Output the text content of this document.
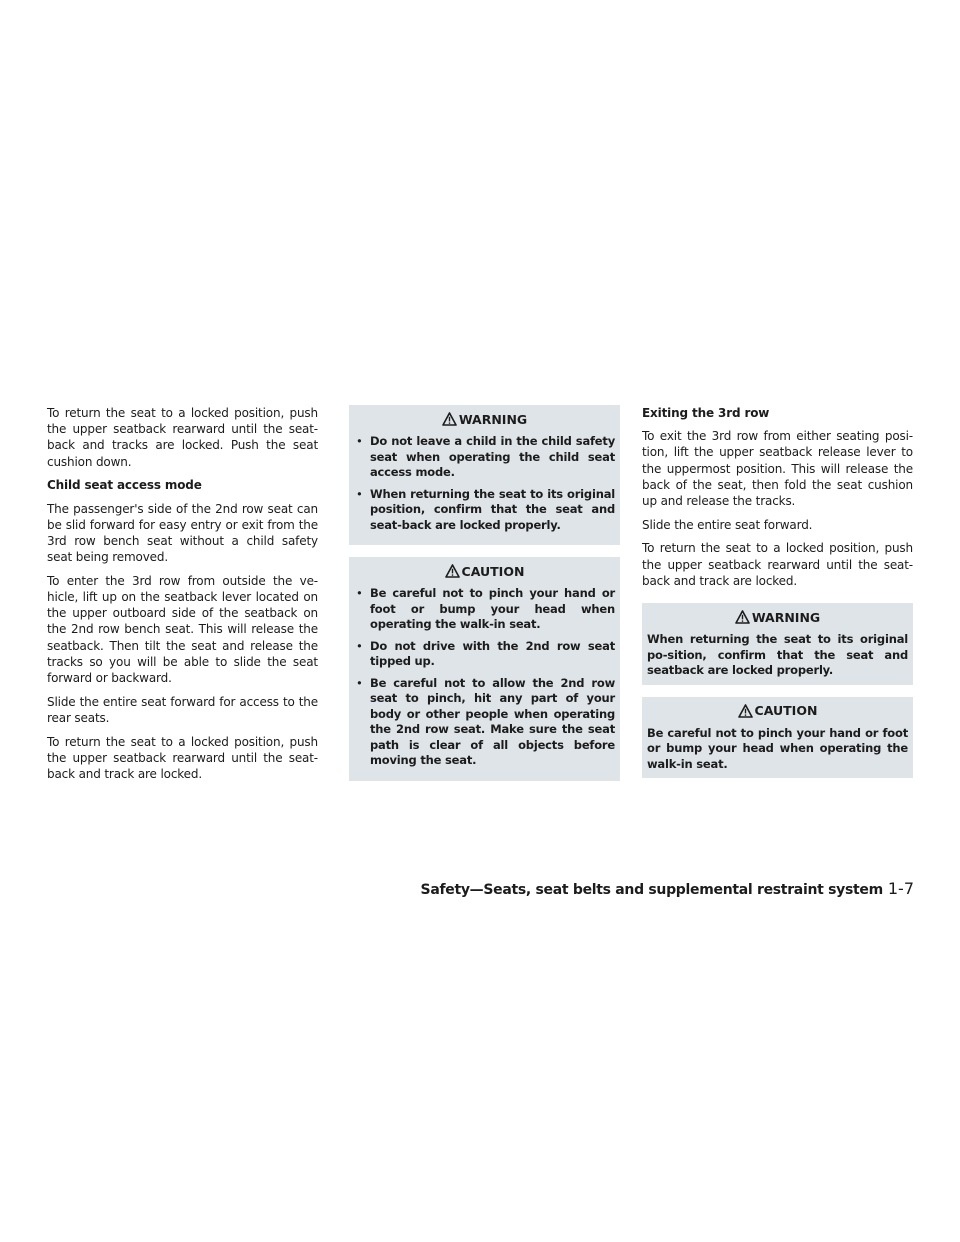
To return the seat to a locked position, push the upper seatback rearward until the seat-back and tracks are locked. Push the seat cushion down.

Child seat access mode

The passenger's side of the 2nd row seat can be slid forward for easy entry or exit from the 3rd row bench seat without a child safety seat being removed.

To enter the 3rd row from outside the ve-hicle, lift up on the seatback lever located on the upper outboard side of the seatback on the 2nd row bench seat. This will release the seatback. Then tilt the seat and release the tracks so you will be able to slide the seat forward or backward.

Slide the entire seat forward for access to the rear seats.

To return the seat to a locked position, push the upper seatback rearward until the seat-back and track are locked.

WARNING
• Do not leave a child in the child safety seat when operating the child seat access mode.
• When returning the seat to its original position, confirm that the seat and seat-back are locked properly.
CAUTION
• Be careful not to pinch your hand or foot or bump your head when operating the walk-in seat.
• Do not drive with the 2nd row seat tipped up.
• Be careful not to allow the 2nd row seat to pinch, hit any part of your body or other people when operating the 2nd row seat. Make sure the seat path is clear of all objects before moving the seat.

Exiting the 3rd row

To exit the 3rd row from either seating posi-tion, lift the upper seatback release lever to the uppermost position. This will release the back of the seat, then fold the seat cushion up and release the tracks.

Slide the entire seat forward.

To return the seat to a locked position, push the upper seatback rearward until the seat-back and track are locked.

WARNING

When returning the seat to its original po-sition, confirm that the seat and seatback are locked properly.

CAUTION

Be careful not to pinch your hand or foot or bump your head when operating the walk-in seat.

Safety—Seats, seat belts and supplemental restraint system 1-7
